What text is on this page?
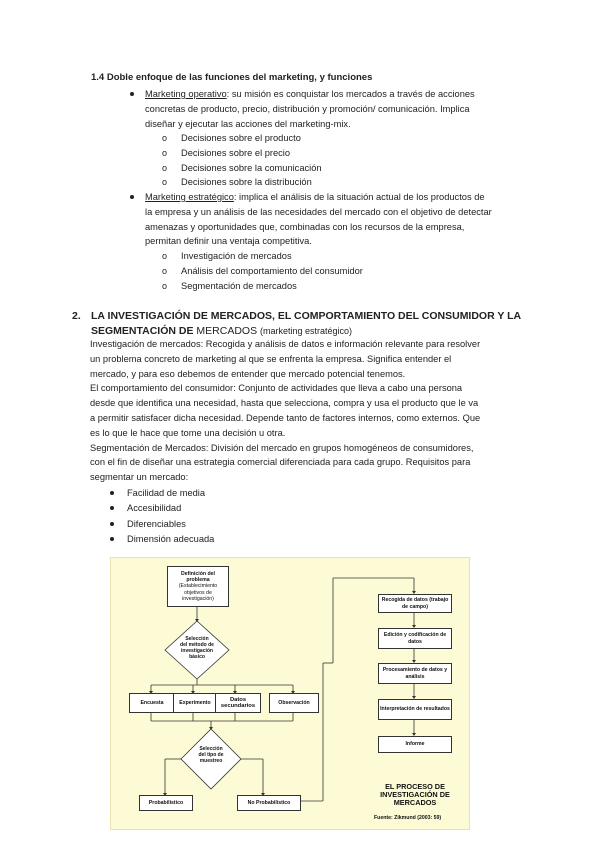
1.4 Doble enfoque de las funciones del marketing, y funciones
Marketing operativo: su misión es conquistar los mercados a través de acciones
concretas de producto, precio, distribución y promoción/ comunicación. Implica
diseñar y ejecutar las acciones del marketing-mix.
o Decisiones sobre el producto
o Decisiones sobre el precio
o Decisiones sobre la comunicación
o Decisiones sobre la distribución
Marketing estratégico: implica el análisis de la situación actual de los productos de
la empresa y un análisis de las necesidades del mercado con el objetivo de detectar
amenazas y oportunidades que, combinadas con los recursos de la empresa,
permitan definir una ventaja competitiva.
o Investigación de mercados
o Análisis del comportamiento del consumidor
o Segmentación de mercados
2. LA INVESTIGACIÓN DE MERCADOS, EL COMPORTAMIENTO DEL CONSUMIDOR Y LA
SEGMENTACIÓN DE MERCADOS (marketing estratégico)
Investigación de mercados: Recogida y análisis de datos e información relevante para resolver
un problema concreto de marketing al que se enfrenta la empresa. Significa entender el
mercado, y para eso debemos de entender que mercado potencial tenemos.
El comportamiento del consumidor: Conjunto de actividades que lleva a cabo una persona
desde que identifica una necesidad, hasta que selecciona, compra y usa el producto que le va
a permitir satisfacer dicha necesidad. Depende tanto de factores internos, como externos. Que
es lo que le hace que tome una decisión u otra.
Segmentación de Mercados: División del mercado en grupos homogéneos de consumidores,
con el fin de diseñar una estrategia comercial diferenciada para cada grupo. Requisitos para
segmentar un mercado:
Facilidad de media
Accesibilidad
Diferenciables
Dimensión adecuada
Definición del
problema
(Establecimiento
objetivos de
investigación)
Selección
del método de
investigación
básico
Encuesta	Experimento
Datos secundarios
Observación
Selección
del tipo de
muestreo
Probabilístico	No Probabilístico
Recogida de datos (trabajo de campo)
Edición y codificación de datos
Procesamiento de datos y análisis
Interpretación de resultados
Informe
EL PROCESO DE
INVESTIGACIÓN DE
MERCADOS
Fuente: Zikmund (2003: 59)
